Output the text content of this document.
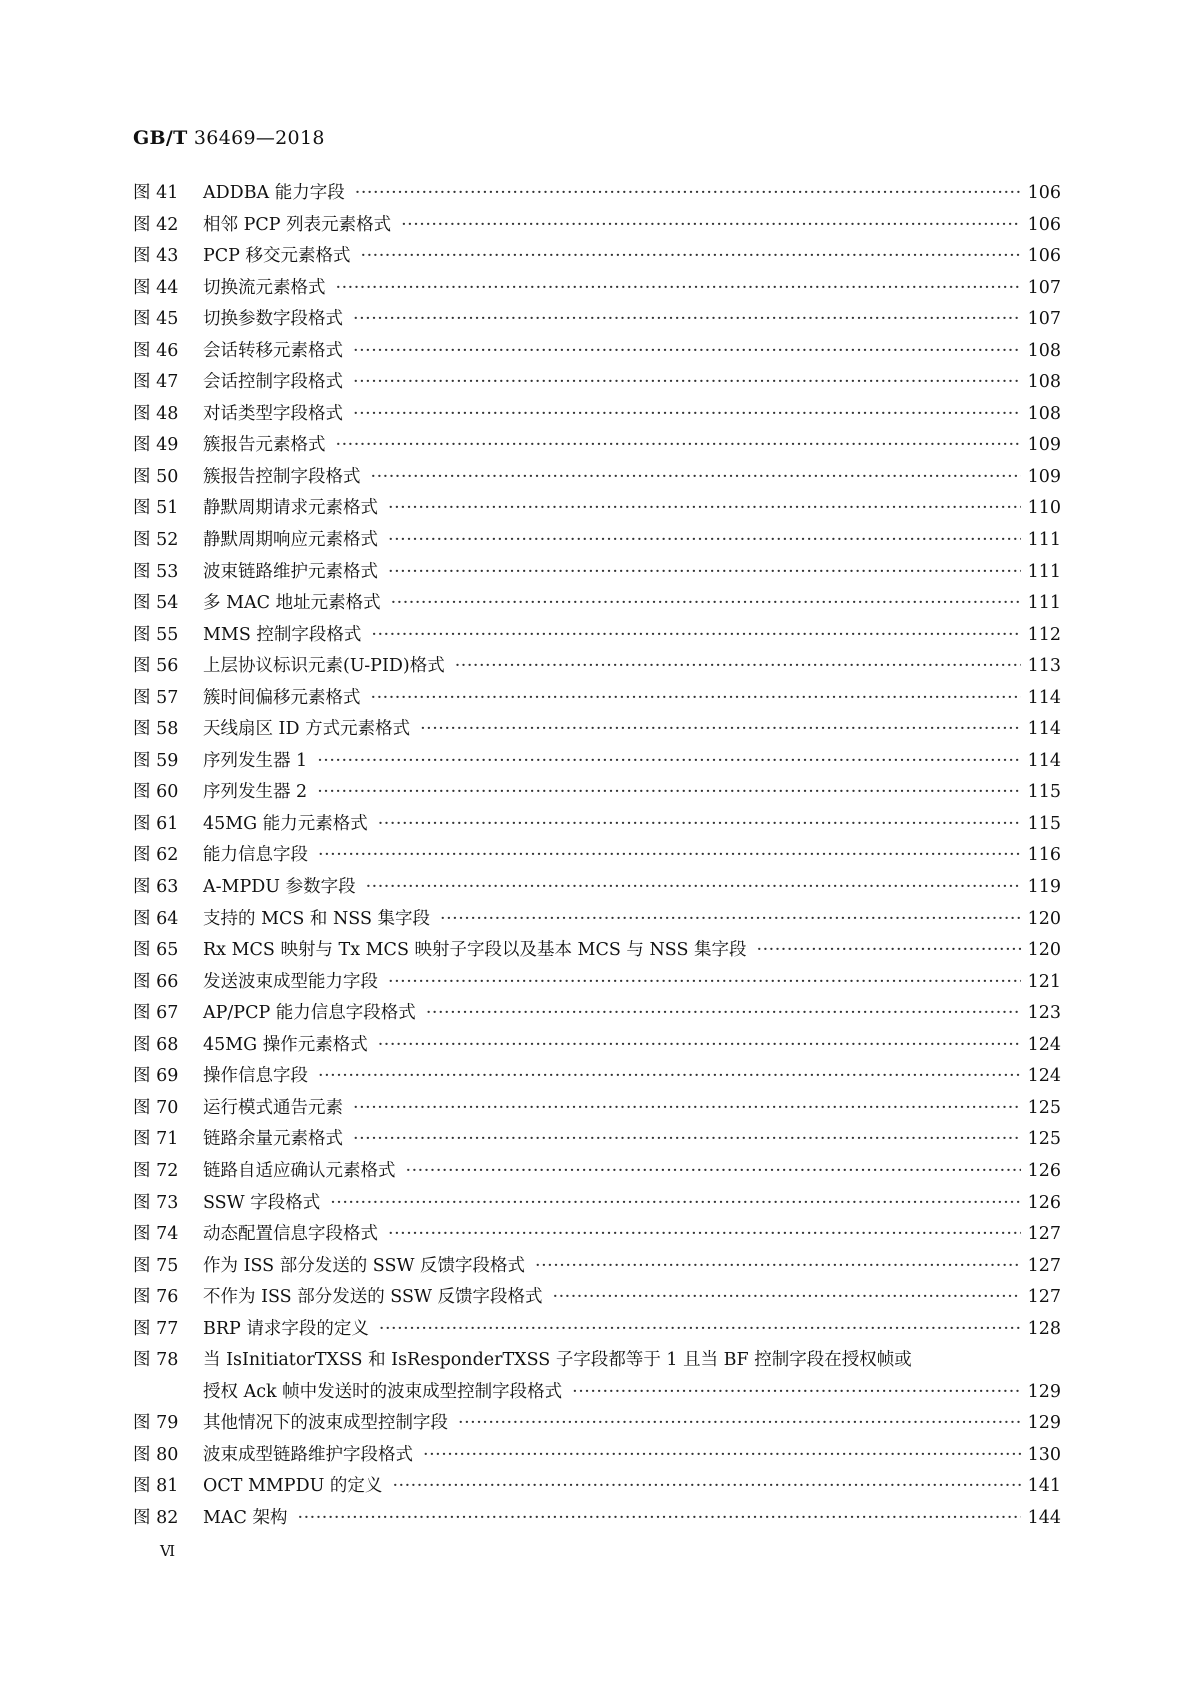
GB/T 36469—2018
图 41	ADDBA 能力字段 ·····	106
图 42	相邻 PCP 列表元素格式 ·····	106
图 43	PCP 移交元素格式 ·····	106
图 44	切换流元素格式 ·····	107
图 45	切换参数字段格式 ·····	107
图 46	会话转移元素格式 ·····	108
图 47	会话控制字段格式 ·····	108
图 48	对话类型字段格式 ·····	108
图 49	簇报告元素格式 ·····	109
图 50	簇报告控制字段格式 ·····	109
图 51	静默周期请求元素格式 ·····	110
图 52	静默周期响应元素格式 ·····	111
图 53	波束链路维护元素格式 ·····	111
图 54	多 MAC 地址元素格式 ·····	111
图 55	MMS 控制字段格式 ·····	112
图 56	上层协议标识元素(U-PID)格式 ·····	113
图 57	簇时间偏移元素格式 ·····	114
图 58	天线扇区 ID 方式元素格式 ·····	114
图 59	序列发生器 1 ·····	114
图 60	序列发生器 2 ·····	115
图 61	45MG 能力元素格式 ·····	115
图 62	能力信息字段 ·····	116
图 63	A-MPDU 参数字段 ·····	119
图 64	支持的 MCS 和 NSS 集字段 ·····	120
图 65	Rx MCS 映射与 Tx MCS 映射子字段以及基本 MCS 与 NSS 集字段 ·····	120
图 66	发送波束成型能力字段 ·····	121
图 67	AP/PCP 能力信息字段格式 ·····	123
图 68	45MG 操作元素格式 ·····	124
图 69	操作信息字段 ·····	124
图 70	运行模式通告元素 ·····	125
图 71	链路余量元素格式 ·····	125
图 72	链路自适应确认元素格式 ·····	126
图 73	SSW 字段格式 ·····	126
图 74	动态配置信息字段格式 ·····	127
图 75	作为 ISS 部分发送的 SSW 反馈字段格式 ·····	127
图 76	不作为 ISS 部分发送的 SSW 反馈字段格式 ·····	127
图 77	BRP 请求字段的定义 ·····	128
图 78	当 IsInitiatorTXSS 和 IsResponderTXSS 子字段都等于 1 且当 BF 控制字段在授权帧或
授权 Ack 帧中发送时的波束成型控制字段格式 ·····	129
图 79	其他情况下的波束成型控制字段 ·····	129
图 80	波束成型链路维护字段格式 ·····	130
图 81	OCT MMPDU 的定义 ·····	141
图 82	MAC 架构 ·····	144
Ⅵ
